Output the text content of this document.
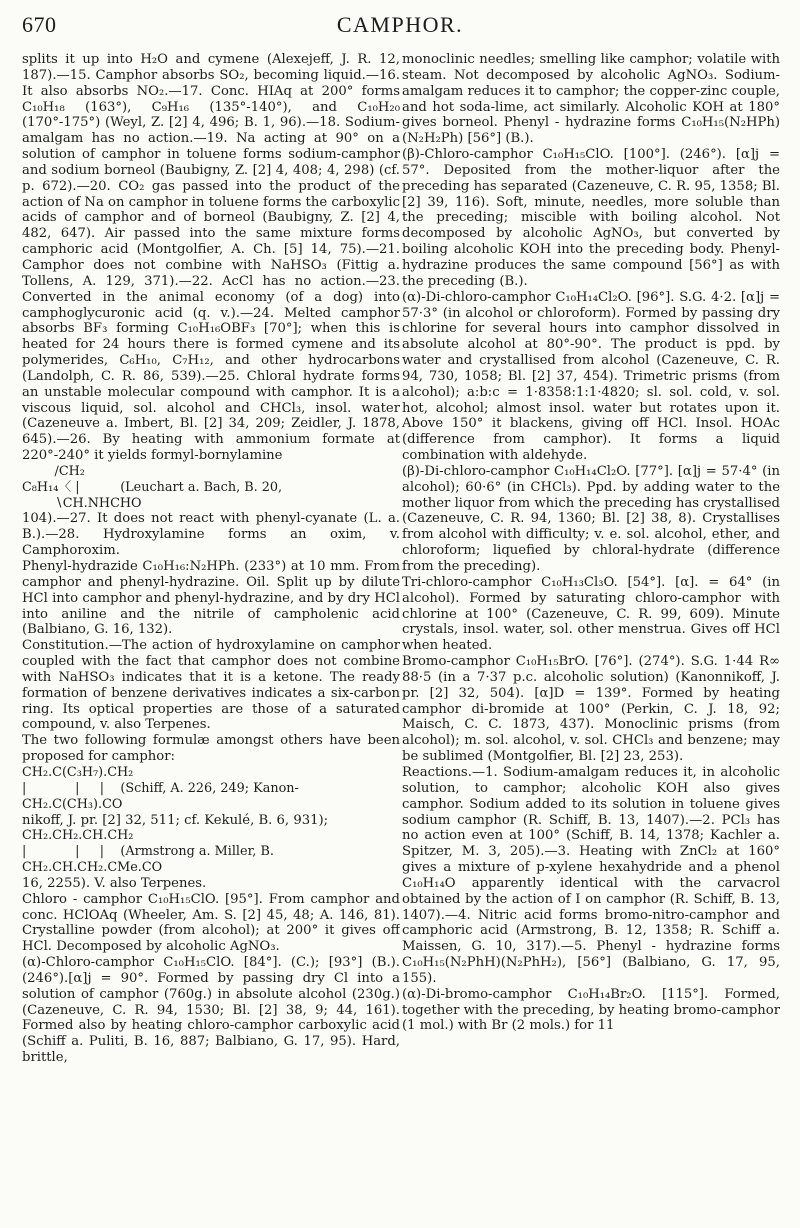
670	CAMPHOR.

splits it up into H₂O and cymene (Alexejeff, J. R. 12, 187).—15. Camphor absorbs SO₂, becoming liquid.—16. It also absorbs NO₂.—17. Conc. HIAq at 200° forms C₁₀H₁₈ (163°), C₉H₁₆ (135°-140°), and C₁₀H₂₀ (170°-175°) (Weyl, Z. [2] 4, 496; B. 1, 96).—18. Sodium-amalgam has no action.—19. Na acting at 90° on a solution of camphor in toluene forms sodium-camphor and sodium borneol (Baubigny, Z. [2] 4, 408; 4, 298) (cf. p. 672).—20. CO₂ gas passed into the product of the action of Na on camphor in toluene forms the carboxylic acids of camphor and of borneol (Baubigny, Z. [2] 4, 482, 647). Air passed into the same mixture forms camphoric acid (Montgolfier, A. Ch. [5] 14, 75).—21. Camphor does not combine with NaHSO₃ (Fittig a. Tollens, A. 129, 371).—22. AcCl has no action.—23. Converted in the animal economy (of a dog) into camphoglycuronic acid (q. v.).—24. Melted camphor absorbs BF₃ forming C₁₀H₁₆OBF₃ [70°]; when this is heated for 24 hours there is formed cymene and its polymerides, C₆H₁₀, C₇H₁₂, and other hydrocarbons (Landolph, C. R. 86, 539).—25. Chloral hydrate forms an unstable molecular compound with camphor. It is a viscous liquid, sol. alcohol and CHCl₃, insol. water (Cazeneuve a. Imbert, Bl. [2] 34, 209; Zeidler, J. 1878, 645).—26. By heating with ammonium formate at 220°-240° it yields formyl-bornylamine

∕CH₂
C₈H₁₄〈 |          (Leuchart a. Bach, B. 20,
∖CH.NHCHO

104).—27. It does not react with phenyl-cyanate (L. a. B.).—28. Hydroxylamine forms an oxim, v. Camphoroxim.

Phenyl-hydrazide C₁₀H₁₆:N₂HPh. (233°) at 10 mm. From camphor and phenyl-hydrazine. Oil. Split up by dilute HCl into camphor and phenyl-hydrazine, and by dry HCl into aniline and the nitrile of campholenic acid (Balbiano, G. 16, 132).

Constitution.—The action of hydroxylamine on camphor coupled with the fact that camphor does not combine with NaHSO₃ indicates that it is a ketone. The ready formation of benzene derivatives indicates a six-carbon ring. Its optical properties are those of a saturated compound, v. also Terpenes.

The two following formulæ amongst others have been proposed for camphor:

CH₂.C(C₃H₇).CH₂
|            |     |    (Schiff, A. 226, 249; Kanon-
CH₂.C(CH₃).CO

nikoff, J. pr. [2] 32, 511; cf. Kekulé, B. 6, 931);

CH₂.CH₂.CH.CH₂
|            |     |    (Armstrong a. Miller, B.
CH₂.CH.CH₂.CMe.CO

16, 2255). V. also Terpenes.

Chloro - camphor C₁₀H₁₅ClO. [95°]. From camphor and conc. HClOAq (Wheeler, Am. S. [2] 45, 48; A. 146, 81). Crystalline powder (from alcohol); at 200° it gives off HCl. Decomposed by alcoholic AgNO₃.

(α)-Chloro-camphor C₁₀H₁₅ClO. [84°]. (C.); [93°] (B.). (246°).[α]j = 90°. Formed by passing dry Cl into a solution of camphor (760g.) in absolute alcohol (230g.) (Cazeneuve, C. R. 94, 1530; Bl. [2] 38, 9; 44, 161). Formed also by heating chloro-camphor carboxylic acid (Schiff a. Puliti, B. 16, 887; Balbiano, G. 17, 95). Hard, brittle,

monoclinic needles; smelling like camphor; volatile with steam. Not decomposed by alcoholic AgNO₃. Sodium-amalgam reduces it to camphor; the copper-zinc couple, and hot soda-lime, act similarly. Alcoholic KOH at 180° gives borneol. Phenyl - hydrazine forms C₁₀H₁₅(N₂HPh)(N₂H₂Ph) [56°] (B.).

(β)-Chloro-camphor C₁₀H₁₅ClO. [100°]. (246°). [α]j = 57°. Deposited from the mother-liquor after the preceding has separated (Cazeneuve, C. R. 95, 1358; Bl. [2] 39, 116). Soft, minute, needles, more soluble than the preceding; miscible with boiling alcohol. Not decomposed by alcoholic AgNO₃, but converted by boiling alcoholic KOH into the preceding body. Phenyl-hydrazine produces the same compound [56°] as with the preceding (B.).

(α)-Di-chloro-camphor C₁₀H₁₄Cl₂O. [96°]. S.G. 4·2. [α]j = 57·3° (in alcohol or chloroform). Formed by passing dry chlorine for several hours into camphor dissolved in absolute alcohol at 80°-90°. The product is ppd. by water and crystallised from alcohol (Cazeneuve, C. R. 94, 730, 1058; Bl. [2] 37, 454). Trimetric prisms (from alcohol); a:b:c = 1·8358:1:1·4820; sl. sol. cold, v. sol. hot, alcohol; almost insol. water but rotates upon it. Above 150° it blackens, giving off HCl. Insol. HOAc (difference from camphor). It forms a liquid combination with aldehyde.

(β)-Di-chloro-camphor C₁₀H₁₄Cl₂O. [77°]. [α]j = 57·4° (in alcohol); 60·6° (in CHCl₃). Ppd. by adding water to the mother liquor from which the preceding has crystallised (Cazeneuve, C. R. 94, 1360; Bl. [2] 38, 8). Crystallises from alcohol with difficulty; v. e. sol. alcohol, ether, and chloroform; liquefied by chloral-hydrate (difference from the preceding).

Tri-chloro-camphor C₁₀H₁₃Cl₃O. [54°]. [α]. = 64° (in alcohol). Formed by saturating chloro-camphor with chlorine at 100° (Cazeneuve, C. R. 99, 609). Minute crystals, insol. water, sol. other menstrua. Gives off HCl when heated.

Bromo-camphor C₁₀H₁₅BrO. [76°]. (274°). S.G. 1·44 R∞ 88·5 (in a 7·37 p.c. alcoholic solution) (Kanonnikoff, J. pr. [2] 32, 504). [α]D = 139°. Formed by heating camphor di-bromide at 100° (Perkin, C. J. 18, 92; Maisch, C. C. 1873, 437). Monoclinic prisms (from alcohol); m. sol. alcohol, v. sol. CHCl₃ and benzene; may be sublimed (Montgolfier, Bl. [2] 23, 253).

Reactions.—1. Sodium-amalgam reduces it, in alcoholic solution, to camphor; alcoholic KOH also gives camphor. Sodium added to its solution in toluene gives sodium camphor (R. Schiff, B. 13, 1407).—2. PCl₃ has no action even at 100° (Schiff, B. 14, 1378; Kachler a. Spitzer, M. 3, 205).—3. Heating with ZnCl₂ at 160° gives a mixture of p-xylene hexahydride and a phenol C₁₀H₁₄O apparently identical with the carvacrol obtained by the action of I on camphor (R. Schiff, B. 13, 1407).—4. Nitric acid forms bromo-nitro-camphor and camphoric acid (Armstrong, B. 12, 1358; R. Schiff a. Maissen, G. 10, 317).—5. Phenyl - hydrazine forms C₁₀H₁₅(N₂PhH)(N₂PhH₂), [56°] (Balbiano, G. 17, 95, 155).

(α)-Di-bromo-camphor C₁₀H₁₄Br₂O. [115°]. Formed, together with the preceding, by heating bromo-camphor (1 mol.) with Br (2 mols.) for 11
